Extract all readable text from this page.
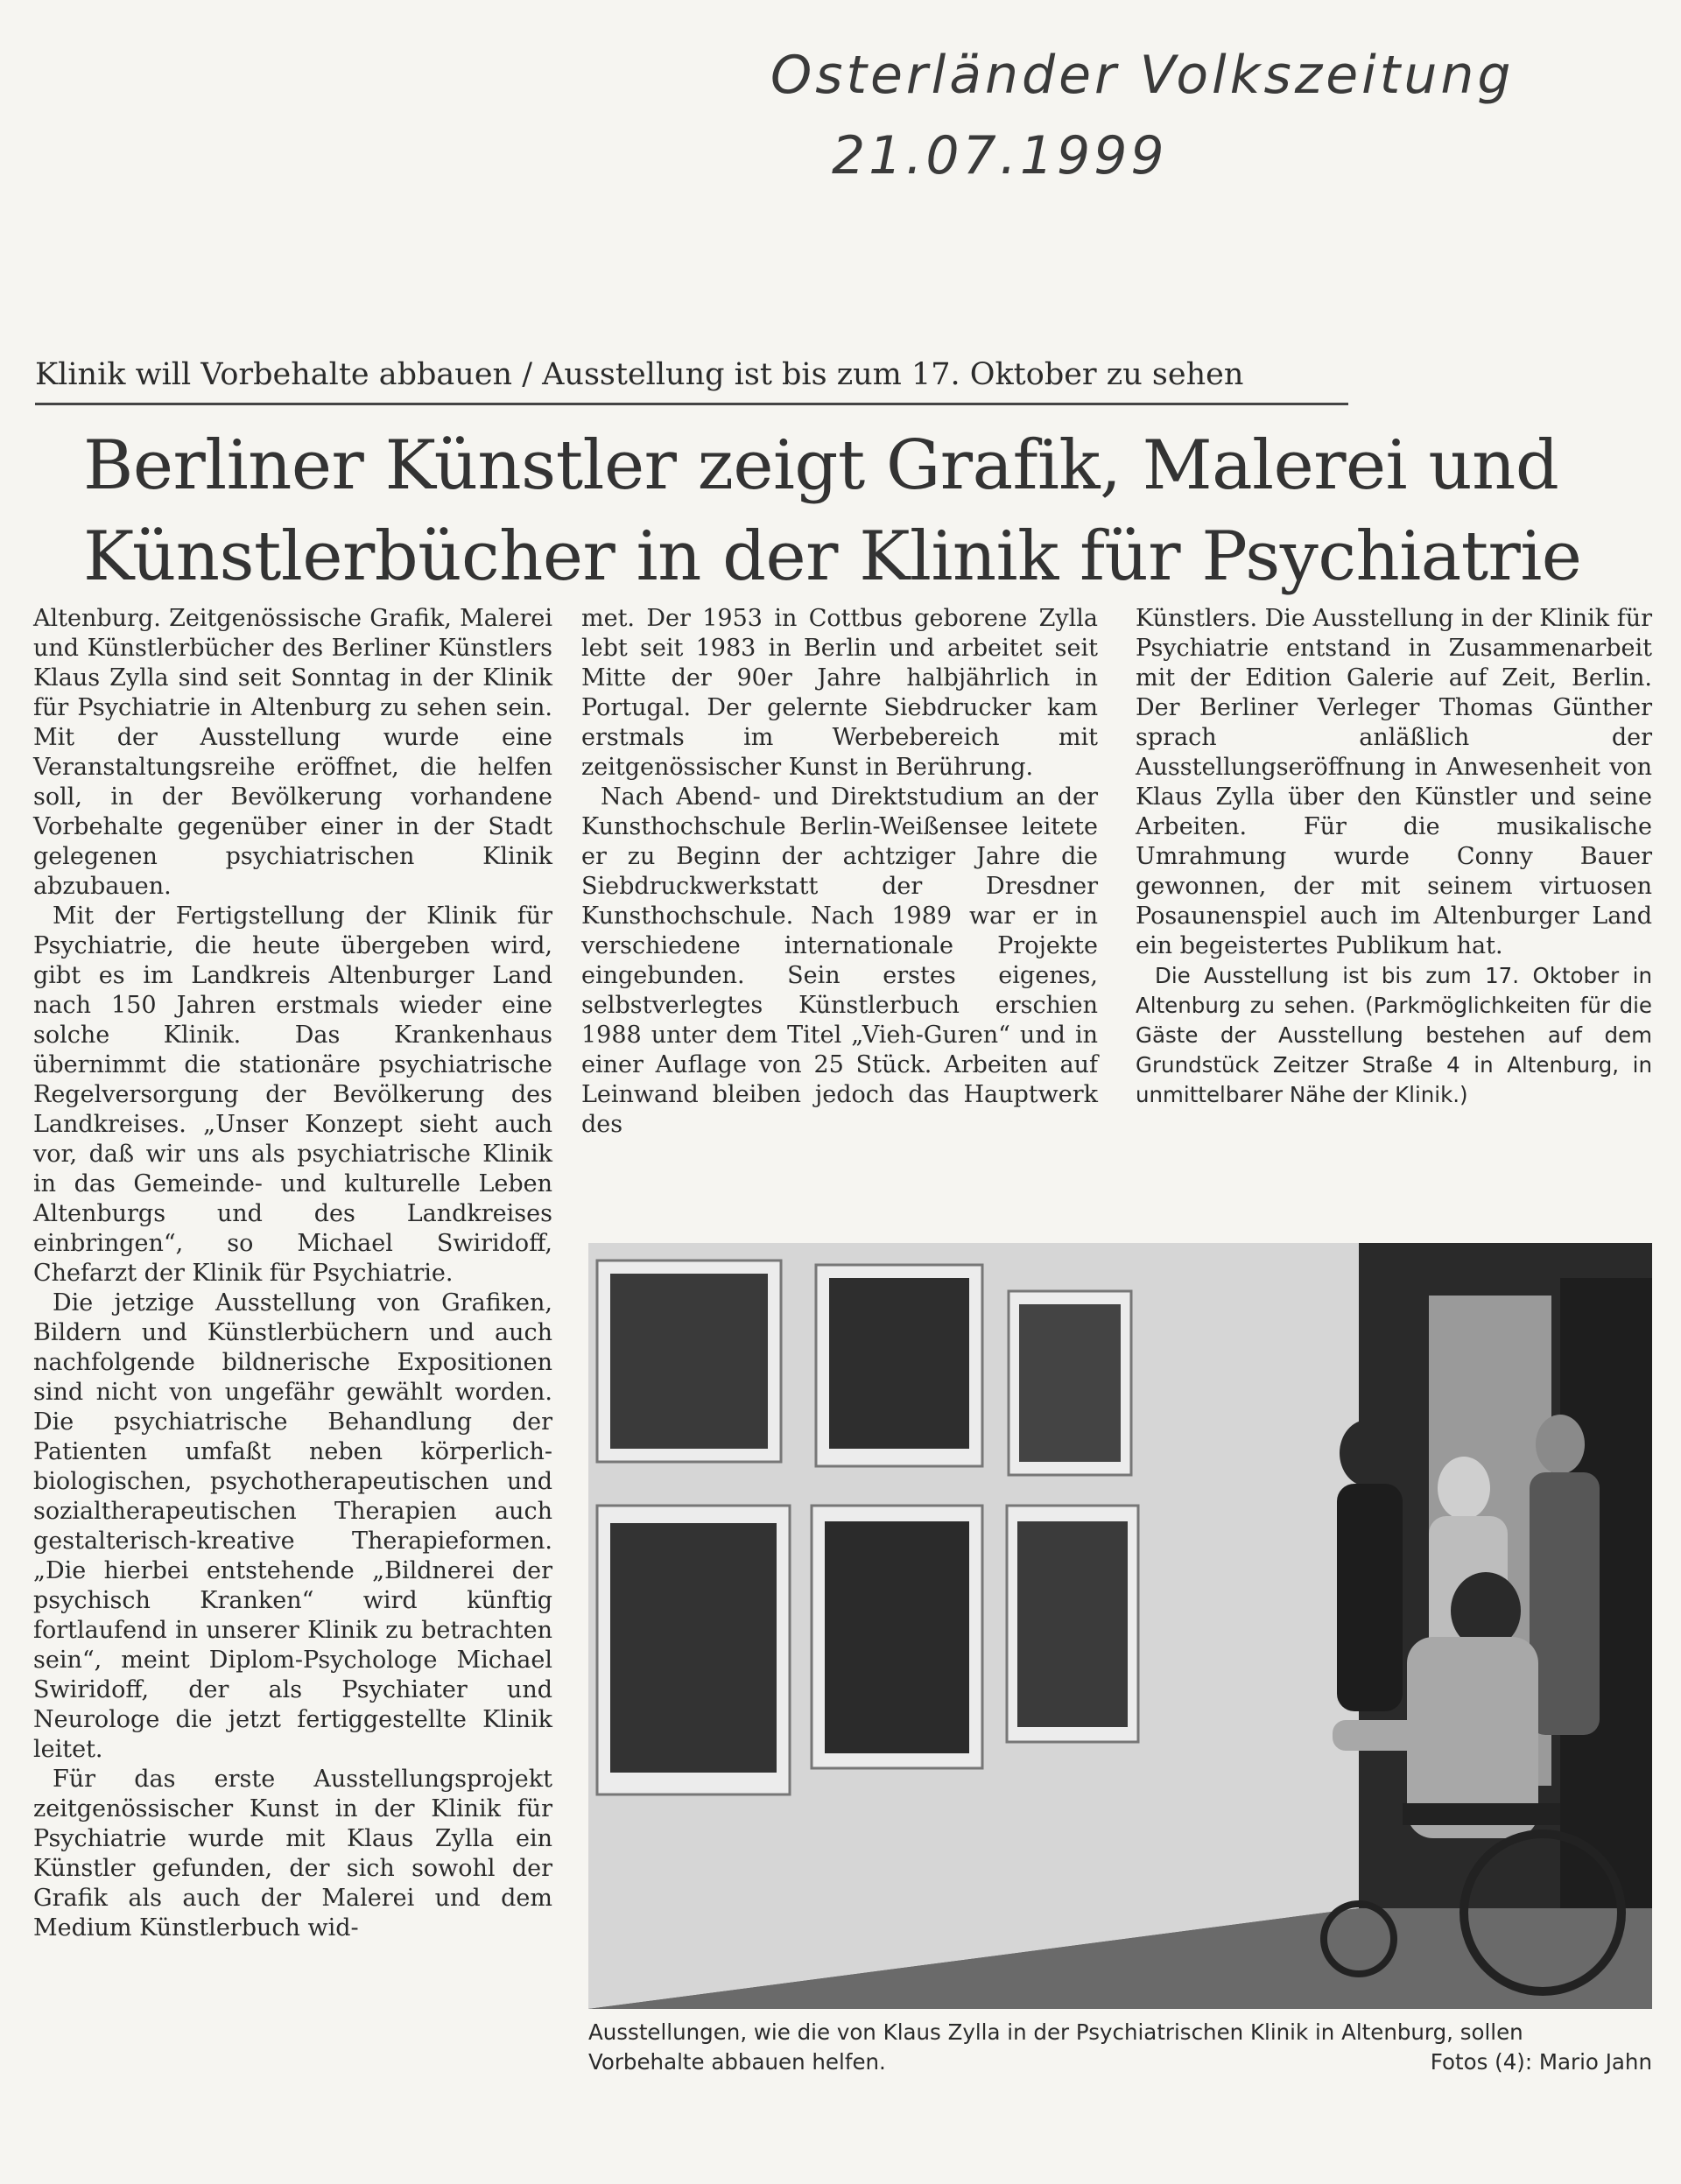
Osterländer Volkszeitung
21.07.1999
Klinik will Vorbehalte abbauen / Ausstellung ist bis zum 17. Oktober zu sehen
Berliner Künstler zeigt Grafik, Malerei und
Künstlerbücher in der Klinik für Psychiatrie

Altenburg. Zeitgenössische Grafik, Malerei und Künstlerbücher des Berliner Künstlers Klaus Zylla sind seit Sonntag in der Klinik für Psychiatrie in Altenburg zu sehen sein. Mit der Ausstellung wurde eine Veranstaltungsreihe eröffnet, die helfen soll, in der Bevölkerung vorhandene Vorbehalte gegenüber einer in der Stadt gelegenen psychiatrischen Klinik abzubauen.

Mit der Fertigstellung der Klinik für Psychiatrie, die heute übergeben wird, gibt es im Landkreis Altenburger Land nach 150 Jahren erstmals wieder eine solche Klinik. Das Krankenhaus übernimmt die stationäre psychiatrische Regelversorgung der Bevölkerung des Landkreises. „Unser Konzept sieht auch vor, daß wir uns als psychiatrische Klinik in das Gemeinde- und kulturelle Leben Altenburgs und des Landkreises einbringen“, so Michael Swiridoff, Chefarzt der Klinik für Psychiatrie.

Die jetzige Ausstellung von Grafiken, Bildern und Künstlerbüchern und auch nachfolgende bildnerische Expositionen sind nicht von ungefähr gewählt worden. Die psychiatrische Behandlung der Patienten umfaßt neben körperlich-biologischen, psychotherapeutischen und sozialtherapeutischen Therapien auch gestalterisch-kreative Therapieformen. „Die hierbei entstehende „Bildnerei der psychisch Kranken“ wird künftig fortlaufend in unserer Klinik zu betrachten sein“, meint Diplom-Psychologe Michael Swiridoff, der als Psychiater und Neurologe die jetzt fertiggestellte Klinik leitet.

Für das erste Ausstellungsprojekt zeitgenössischer Kunst in der Klinik für Psychiatrie wurde mit Klaus Zylla ein Künstler gefunden, der sich sowohl der Grafik als auch der Malerei und dem Medium Künstlerbuch wid-

met. Der 1953 in Cottbus geborene Zylla lebt seit 1983 in Berlin und arbeitet seit Mitte der 90er Jahre halbjährlich in Portugal. Der gelernte Siebdrucker kam erstmals im Werbebereich mit zeitgenössischer Kunst in Berührung.

Nach Abend- und Direktstudium an der Kunsthochschule Berlin-Weißensee leitete er zu Beginn der achtziger Jahre die Siebdruckwerkstatt der Dresdner Kunsthochschule. Nach 1989 war er in verschiedene internationale Projekte eingebunden. Sein erstes eigenes, selbstverlegtes Künstlerbuch erschien 1988 unter dem Titel „Vieh-Guren“ und in einer Auflage von 25 Stück. Arbeiten auf Leinwand bleiben jedoch das Hauptwerk des

Künstlers. Die Ausstellung in der Klinik für Psychiatrie entstand in Zusammenarbeit mit der Edition Galerie auf Zeit, Berlin. Der Berliner Verleger Thomas Günther sprach anläßlich der Ausstellungseröffnung in Anwesenheit von Klaus Zylla über den Künstler und seine Arbeiten. Für die musikalische Umrahmung wurde Conny Bauer gewonnen, der mit seinem virtuosen Posaunenspiel auch im Altenburger Land ein begeistertes Publikum hat.

Die Ausstellung ist bis zum 17. Oktober in Altenburg zu sehen. (Parkmöglichkeiten für die Gäste der Ausstellung bestehen auf dem Grundstück Zeitzer Straße 4 in Altenburg, in unmittelbarer Nähe der Klinik.)

Ausstellungen, wie die von Klaus Zylla in der Psychiatrischen Klinik in Altenburg, sollen Vorbehalte abbauen helfen.	Fotos (4): Mario Jahn
